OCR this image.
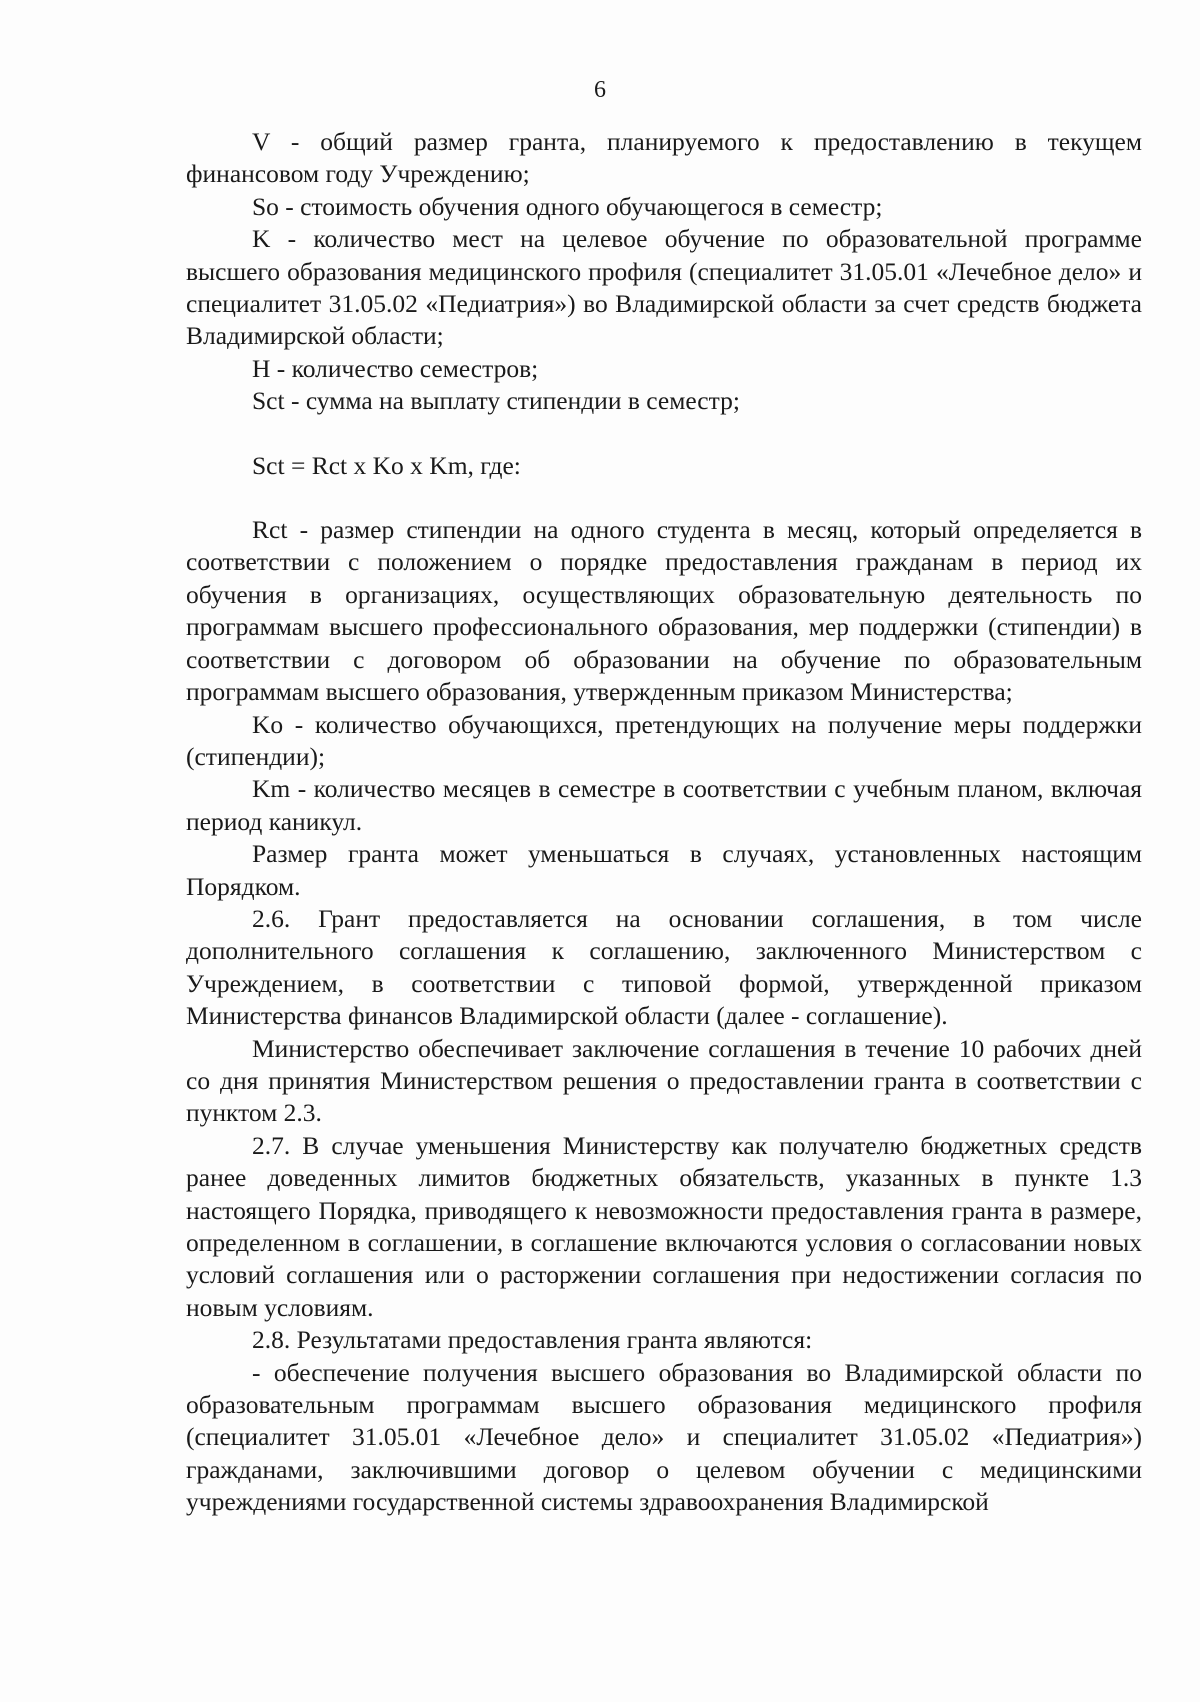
6

V - общий размер гранта, планируемого к предоставлению в текущем финансовом году Учреждению;

So - стоимость обучения одного обучающегося в семестр;

K - количество мест на целевое обучение по образовательной программе высшего образования медицинского профиля (специалитет 31.05.01 «Лечебное дело» и специалитет 31.05.02 «Педиатрия») во Владимирской области за счет средств бюджета Владимирской области;

H - количество семестров;

Sct - сумма на выплату стипендии в семестр;

Sct = Rct x Ko x Km, где:

Rct - размер стипендии на одного студента в месяц, который определяется в соответствии с положением о порядке предоставления гражданам в период их обучения в организациях, осуществляющих образовательную деятельность по программам высшего профессионального образования, мер поддержки (стипендии) в соответствии с договором об образовании на обучение по образовательным программам высшего образования, утвержденным приказом Министерства;

Ko - количество обучающихся, претендующих на получение меры поддержки (стипендии);

Km - количество месяцев в семестре в соответствии с учебным планом, включая период каникул.

Размер гранта может уменьшаться в случаях, установленных настоящим Порядком.

2.6. Грант предоставляется на основании соглашения, в том числе дополнительного соглашения к соглашению, заключенного Министерством с Учреждением, в соответствии с типовой формой, утвержденной приказом Министерства финансов Владимирской области (далее - соглашение).

Министерство обеспечивает заключение соглашения в течение 10 рабочих дней со дня принятия Министерством решения о предоставлении гранта в соответствии с пунктом 2.3.

2.7. В случае уменьшения Министерству как получателю бюджетных средств ранее доведенных лимитов бюджетных обязательств, указанных в пункте 1.3 настоящего Порядка, приводящего к невозможности предоставления гранта в размере, определенном в соглашении, в соглашение включаются условия о согласовании новых условий соглашения или о расторжении соглашения при недостижении согласия по новым условиям.

2.8. Результатами предоставления гранта являются:

- обеспечение получения высшего образования во Владимирской области по образовательным программам высшего образования медицинского профиля (специалитет 31.05.01 «Лечебное дело» и специалитет 31.05.02 «Педиатрия») гражданами, заключившими договор о целевом обучении с медицинскими учреждениями государственной системы здравоохранения Владимирской
